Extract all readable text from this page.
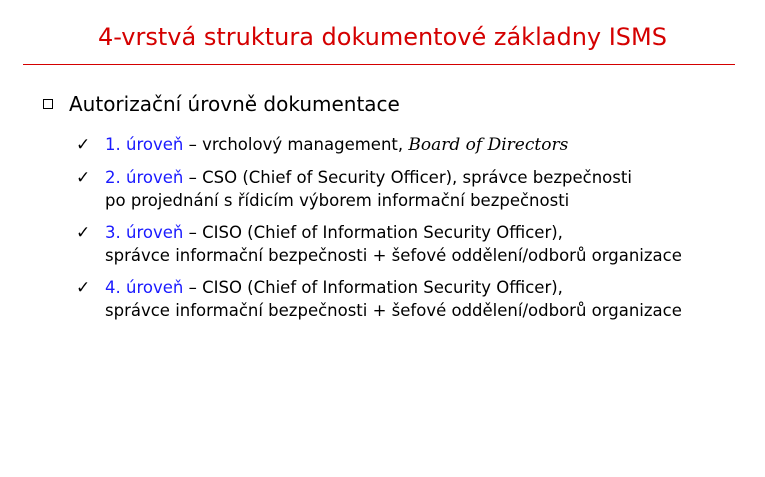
4-vrstvá struktura dokumentové základny ISMS
Autorizační úrovně dokumentace
✓ 1. úroveň – vrcholový management, Board of Directors
✓ 2. úroveň – CSO (Chief of Security Officer), správce bezpečnosti
po projednání s řídicím výborem informační bezpečnosti
✓ 3. úroveň – CISO (Chief of Information Security Officer),
správce informační bezpečnosti + šefové oddělení/odborů organizace
✓ 4. úroveň – CISO (Chief of Information Security Officer),
správce informační bezpečnosti + šefové oddělení/odborů organizace
